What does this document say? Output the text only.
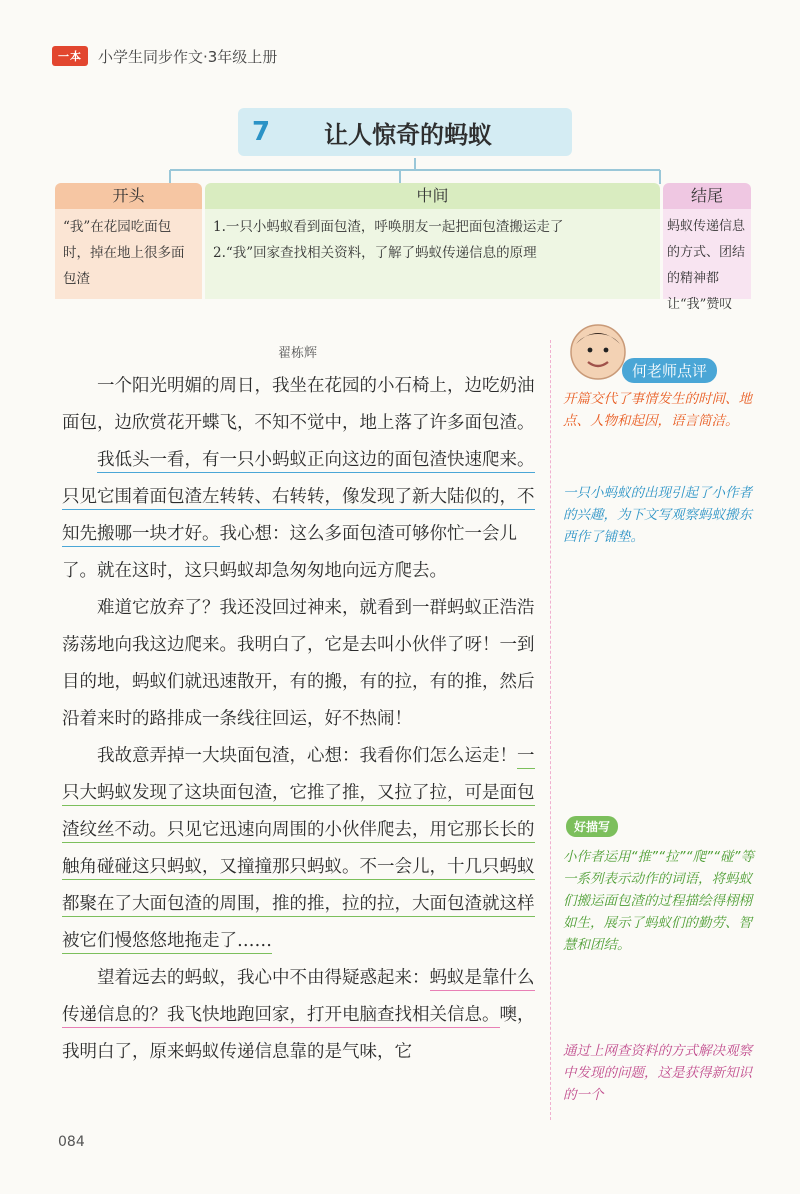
一本	小学生同步作文·3年级上册
7	让人惊奇的蚂蚁
开头
“我”在花园吃面包时，掉在地上很多面包渣
中间
1.一只小蚂蚁看到面包渣，呼唤朋友一起把面包渣搬运走了
2.“我”回家查找相关资料，了解了蚂蚁传递信息的原理
结尾
蚂蚁传递信息的方式、团结的精神都让“我”赞叹
翟栋辉

一个阳光明媚的周日，我坐在花园的小石椅上，边吃奶油面包，边欣赏花开蝶飞，不知不觉中，地上落了许多面包渣。

我低头一看，有一只小蚂蚁正向这边的面包渣快速爬来。只见它围着面包渣左转转、右转转，像发现了新大陆似的，不知先搬哪一块才好。我心想：这么多面包渣可够你忙一会儿了。就在这时，这只蚂蚁却急匆匆地向远方爬去。

难道它放弃了？我还没回过神来，就看到一群蚂蚁正浩浩荡荡地向我这边爬来。我明白了，它是去叫小伙伴了呀！一到目的地，蚂蚁们就迅速散开，有的搬，有的拉，有的推，然后沿着来时的路排成一条线往回运，好不热闹！

我故意弄掉一大块面包渣，心想：我看你们怎么运走！一只大蚂蚁发现了这块面包渣，它推了推，又拉了拉，可是面包渣纹丝不动。只见它迅速向周围的小伙伴爬去，用它那长长的触角碰碰这只蚂蚁，又撞撞那只蚂蚁。不一会儿，十几只蚂蚁都聚在了大面包渣的周围，推的推，拉的拉，大面包渣就这样被它们慢悠悠地拖走了……

望着远去的蚂蚁，我心中不由得疑惑起来：蚂蚁是靠什么传递信息的？我飞快地跑回家，打开电脑查找相关信息。噢，我明白了，原来蚂蚁传递信息靠的是气味，它

何老师点评
开篇交代了事情发生的时间、地点、人物和起因，语言简洁。
一只小蚂蚁的出现引起了小作者的兴趣，为下文写观察蚂蚁搬东西作了铺垫。
好描写
小作者运用“推”“拉”“爬”“碰”等一系列表示动作的词语，将蚂蚁们搬运面包渣的过程描绘得栩栩如生，展示了蚂蚁们的勤劳、智慧和团结。
通过上网查资料的方式解决观察中发现的问题，这是获得新知识的一个
084
